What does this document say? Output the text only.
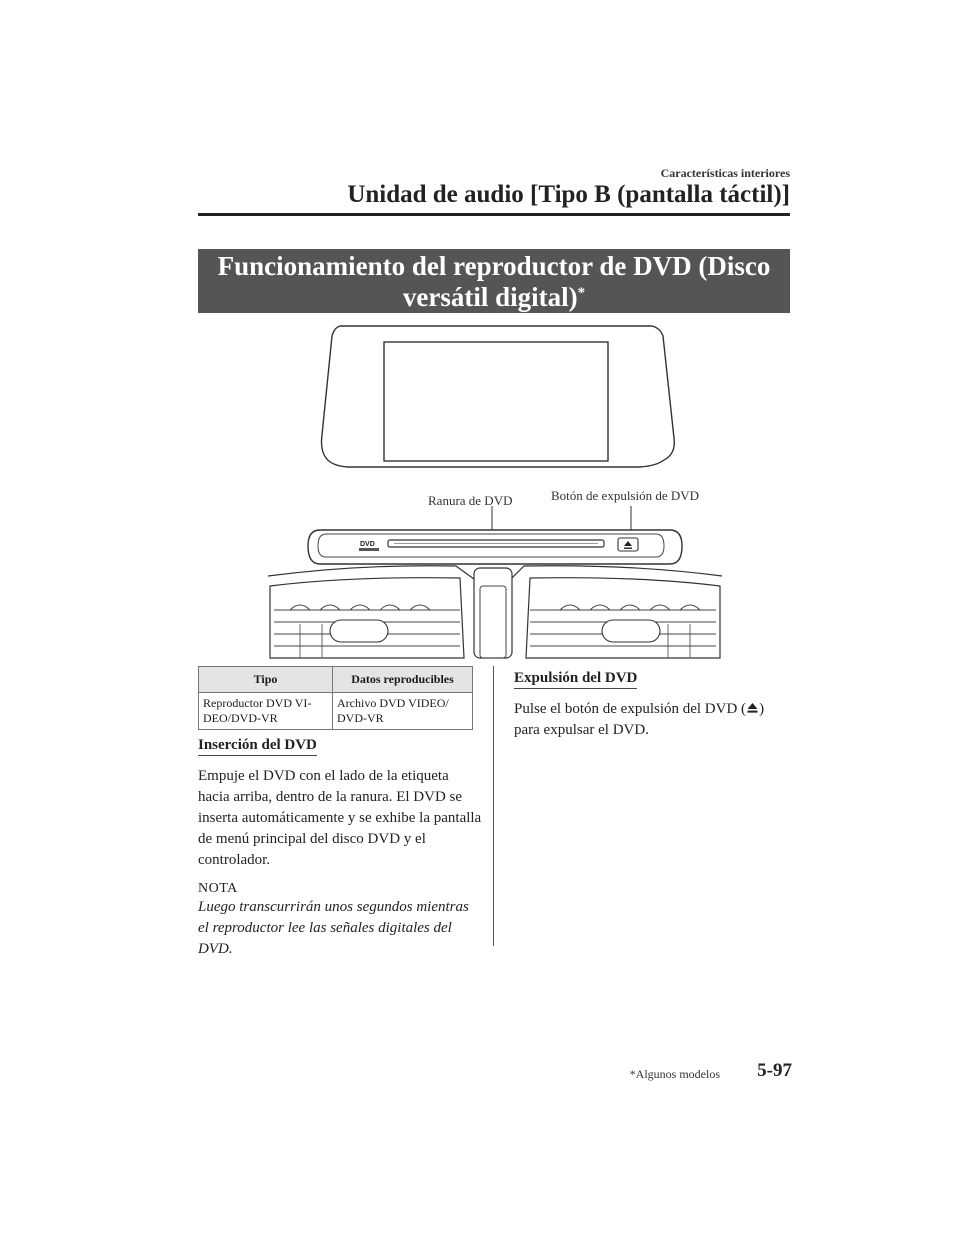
Características interiores
Unidad de audio [Tipo B (pantalla táctil)]
Funcionamiento del reproductor de DVD (Disco versátil digital)*
DVD
Ranura de DVD	Botón de expulsión de DVD
Tipo	Datos reproducibles
Reproductor DVD VI-DEO/DVD-VR	Archivo DVD VIDEO/ DVD-VR
Inserción del DVD
Empuje el DVD con el lado de la etiqueta hacia arriba, dentro de la ranura. El DVD se inserta automáticamente y se exhibe la pantalla de menú principal del disco DVD y el controlador.
NOTA
Luego transcurrirán unos segundos mientras el reproductor lee las señales digitales del DVD.
Expulsión del DVD
Pulse el botón de expulsión del DVD ( ) para expulsar el DVD.
*Algunos modelos	5-97
